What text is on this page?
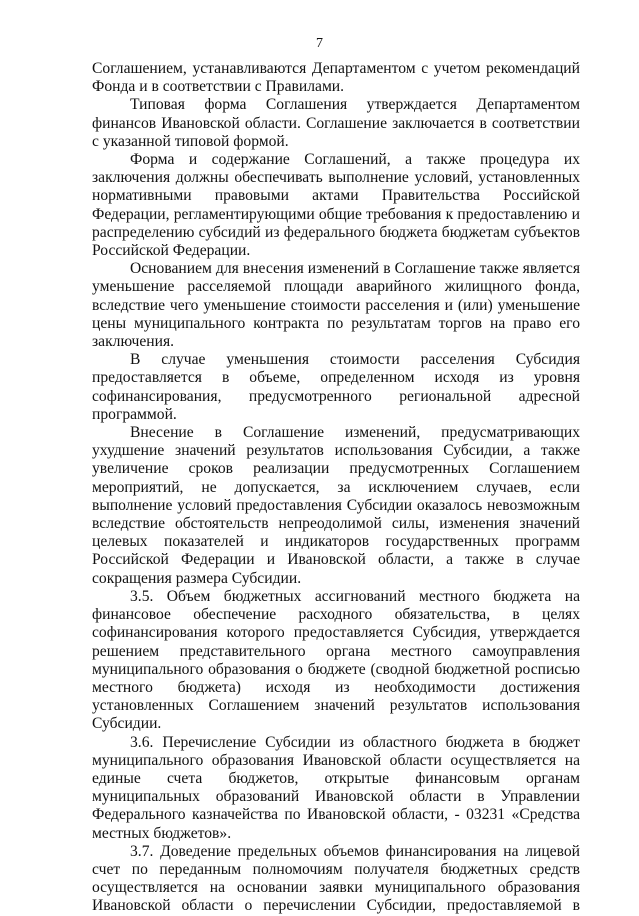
7

Соглашением, устанавливаются Департаментом с учетом рекомендаций Фонда и в соответствии с Правилами.

Типовая форма Соглашения утверждается Департаментом финансов Ивановской области. Соглашение заключается в соответствии с указанной типовой формой.

Форма и содержание Соглашений, а также процедура их заключения должны обеспечивать выполнение условий, установленных нормативными правовыми актами Правительства Российской Федерации, регламентирующими общие требования к предоставлению и распределению субсидий из федерального бюджета бюджетам субъектов Российской Федерации.

Основанием для внесения изменений в Соглашение также является уменьшение расселяемой площади аварийного жилищного фонда, вследствие чего уменьшение стоимости расселения и (или) уменьшение цены муниципального контракта по результатам торгов на право его заключения.

В случае уменьшения стоимости расселения Субсидия предоставляется в объеме, определенном исходя из уровня софинансирования, предусмотренного региональной адресной программой.

Внесение в Соглашение изменений, предусматривающих ухудшение значений результатов использования Субсидии, а также увеличение сроков реализации предусмотренных Соглашением мероприятий, не допускается, за исключением случаев, если выполнение условий предоставления Субсидии оказалось невозможным вследствие обстоятельств непреодолимой силы, изменения значений целевых показателей и индикаторов государственных программ Российской Федерации и Ивановской области, а также в случае сокращения размера Субсидии.

3.5. Объем бюджетных ассигнований местного бюджета на финансовое обеспечение расходного обязательства, в целях софинансирования которого предоставляется Субсидия, утверждается решением представительного органа местного самоуправления муниципального образования о бюджете (сводной бюджетной росписью местного бюджета) исходя из необходимости достижения установленных Соглашением значений результатов использования Субсидии.

3.6. Перечисление Субсидии из областного бюджета в бюджет муниципального образования Ивановской области осуществляется на единые счета бюджетов, открытые финансовым органам муниципальных образований Ивановской области в Управлении Федерального казначейства по Ивановской области, - 03231 «Средства местных бюджетов».

3.7. Доведение предельных объемов финансирования на лицевой счет по переданным полномочиям получателя бюджетных средств осуществляется на основании заявки муниципального образования Ивановской области о перечислении Субсидии, предоставляемой в
